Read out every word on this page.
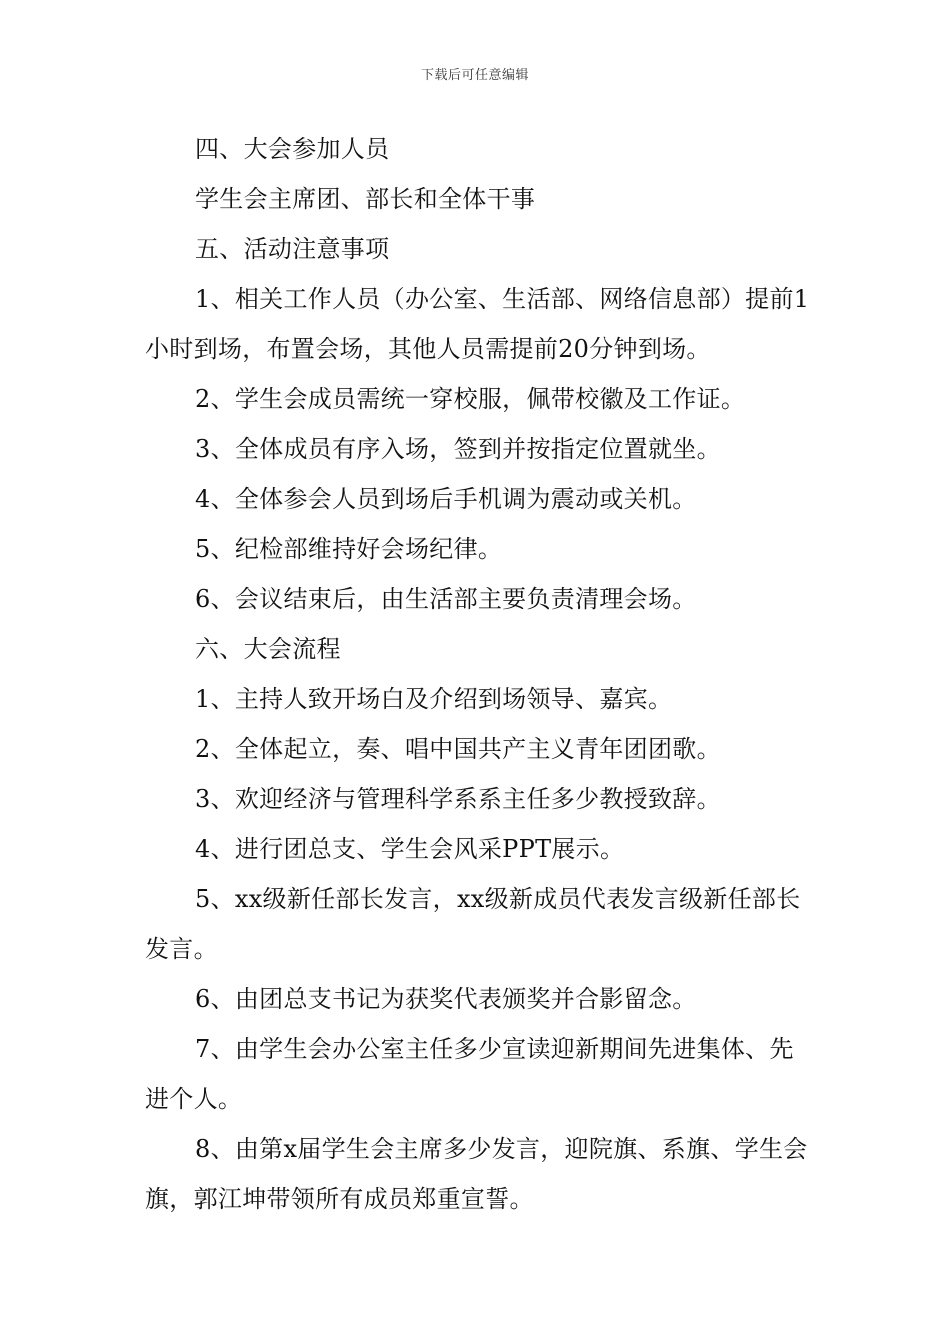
下载后可任意编辑

四、大会参加人员

学生会主席团、部长和全体干事

五、活动注意事项

1、相关工作人员（办公室、生活部、网络信息部）提前1小时到场，布置会场，其他人员需提前20分钟到场。

2、学生会成员需统一穿校服，佩带校徽及工作证。

3、全体成员有序入场，签到并按指定位置就坐。

4、全体参会人员到场后手机调为震动或关机。

5、纪检部维持好会场纪律。

6、会议结束后，由生活部主要负责清理会场。

六、大会流程

1、主持人致开场白及介绍到场领导、嘉宾。

2、全体起立，奏、唱中国共产主义青年团团歌。

3、欢迎经济与管理科学系系主任多少教授致辞。

4、进行团总支、学生会风采PPT展示。

5、xx级新任部长发言，xx级新成员代表发言级新任部长发言。

6、由团总支书记为获奖代表颁奖并合影留念。

7、由学生会办公室主任多少宣读迎新期间先进集体、先进个人。

8、由第x届学生会主席多少发言，迎院旗、系旗、学生会旗，郭江坤带领所有成员郑重宣誓。
